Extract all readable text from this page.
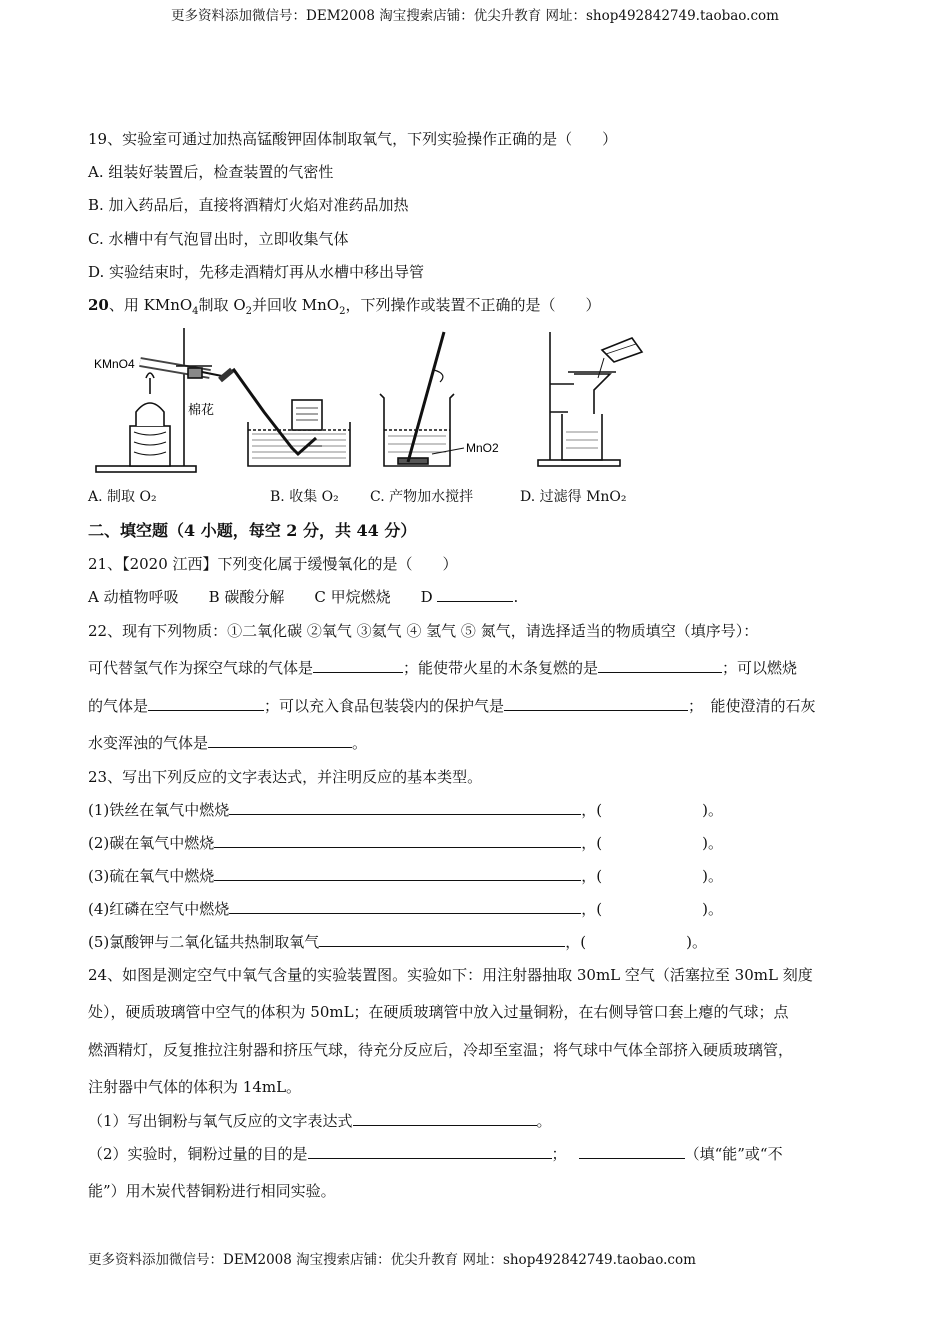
更多资料添加微信号：DEM2008 淘宝搜索店铺：优尖升教育 网址：shop492842749.taobao.com
19、实验室可通过加热高锰酸钾固体制取氧气，下列实验操作正确的是（　　）
A. 组装好装置后，检查装置的气密性
B. 加入药品后，直接将酒精灯火焰对准药品加热
C. 水槽中有气泡冒出时，立即收集气体
D. 实验结束时，先移走酒精灯再从水槽中移出导管
20、用 KMnO$_4$制取 $O_2$并回收 MnO$_2$，下列操作或装置不正确的是（　　）
KMnO4
棉花
MnO2
A. 制取 O₂	B. 收集 O₂ C. 产物加水搅拌	D. 过滤得 MnO₂
二、填空题（4 小题，每空 2 分，共 44 分）
21、【2020 江西】下列变化属于缓慢氧化的是（　　）
A 动植物呼吸　　B 碳酸分解　　C 甲烷燃烧　　D	.
22、现有下列物质：①二氧化碳 ②氧气 ③氦气 ④ 氢气 ⑤ 氮气，请选择适当的物质填空（填序号）：
可代替氢气作为探空气球的气体是	；能使带火星的木条复燃的是	；可以燃烧
的气体是	；可以充入食品包装袋内的保护气是	；　能使澄清的石灰
水变浑浊的气体是	。
23、写出下列反应的文字表达式，并注明反应的基本类型。
(1)铁丝在氧气中燃烧	，(	)。
(2)碳在氧气中燃烧	，(	)。
(3)硫在氧气中燃烧	，(	)。
(4)红磷在空气中燃烧	，(	)。
(5)氯酸钾与二氧化锰共热制取氧气	，(	)。
24、如图是测定空气中氧气含量的实验装置图。实验如下：用注射器抽取 30mL 空气（活塞拉至 30mL 刻度
处），硬质玻璃管中空气的体积为 50mL；在硬质玻璃管中放入过量铜粉，在右侧导管口套上瘪的气球；点
燃酒精灯，反复推拉注射器和挤压气球，待充分反应后，冷却至室温；将气球中气体全部挤入硬质玻璃管，
注射器中气体的体积为 14mL。
（1）写出铜粉与氧气反应的文字表达式	。
（2）实验时，铜粉过量的目的是	；	（填“能”或“不
能”）用木炭代替铜粉进行相同实验。
更多资料添加微信号：DEM2008 淘宝搜索店铺：优尖升教育 网址：shop492842749.taobao.com
